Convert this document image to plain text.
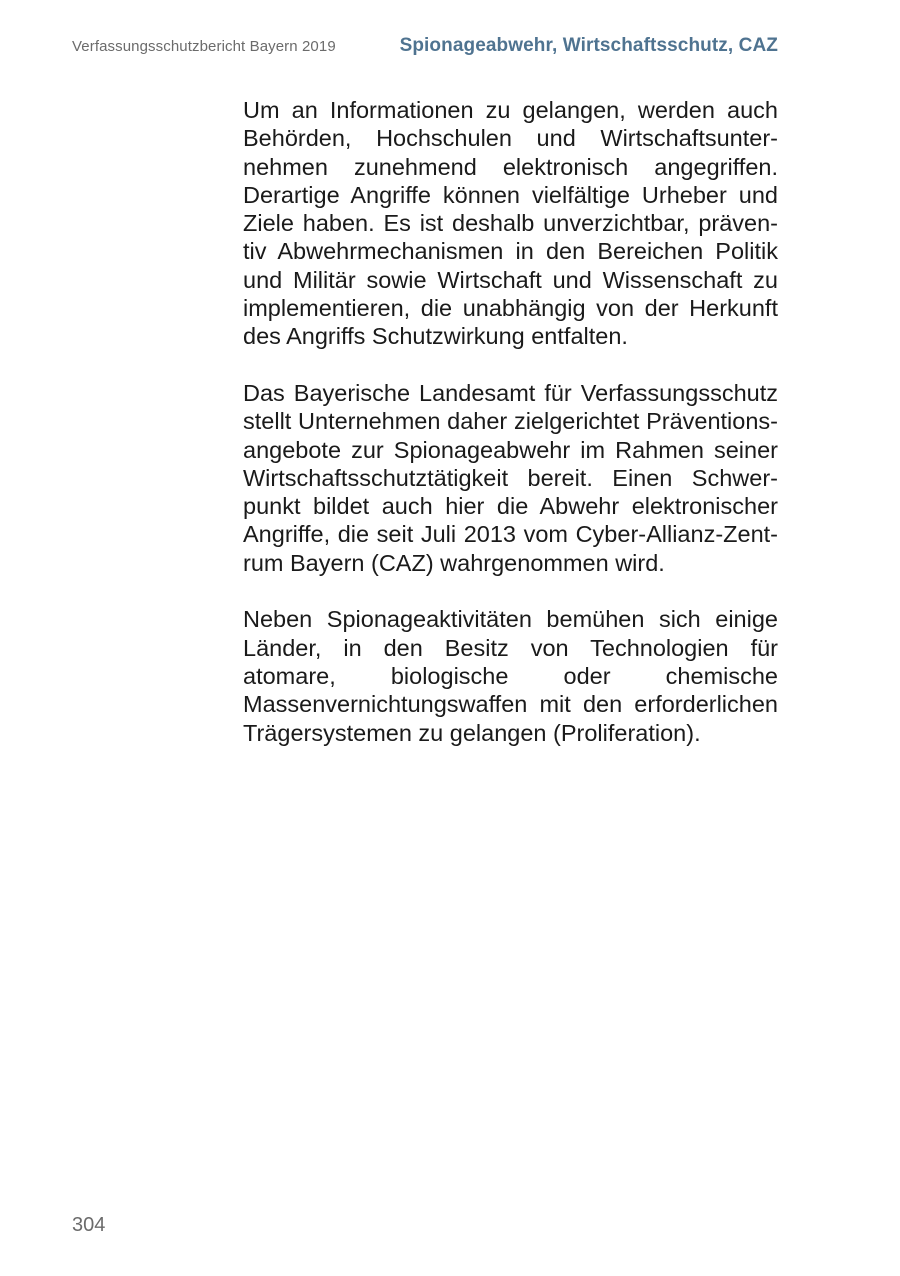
Verfassungsschutzbericht Bayern 2019	Spionageabwehr, Wirtschaftsschutz, CAZ

Um an Informationen zu gelangen, werden auch Behörden, Hochschulen und Wirtschaftsunternehmen zunehmend elektronisch angegriffen. Derartige Angriffe können vielfältige Urheber und Ziele haben. Es ist deshalb unverzichtbar, präventiv Abwehrmechanismen in den Bereichen Politik und Militär sowie Wirtschaft und Wissenschaft zu implementieren, die unabhängig von der Herkunft des Angriffs Schutzwirkung entfalten.

Das Bayerische Landesamt für Verfassungsschutz stellt Unternehmen daher zielgerichtet Präventionsangebote zur Spionageabwehr im Rahmen seiner Wirtschaftsschutztätigkeit bereit. Einen Schwerpunkt bildet auch hier die Abwehr elektronischer Angriffe, die seit Juli 2013 vom Cyber-Allianz-Zentrum Bayern (CAZ) wahrgenommen wird.

Neben Spionageaktivitäten bemühen sich einige Länder, in den Besitz von Technologien für atomare, biologische oder chemische Massenvernichtungswaffen mit den erforderlichen Trägersystemen zu gelangen (Proliferation).

304
